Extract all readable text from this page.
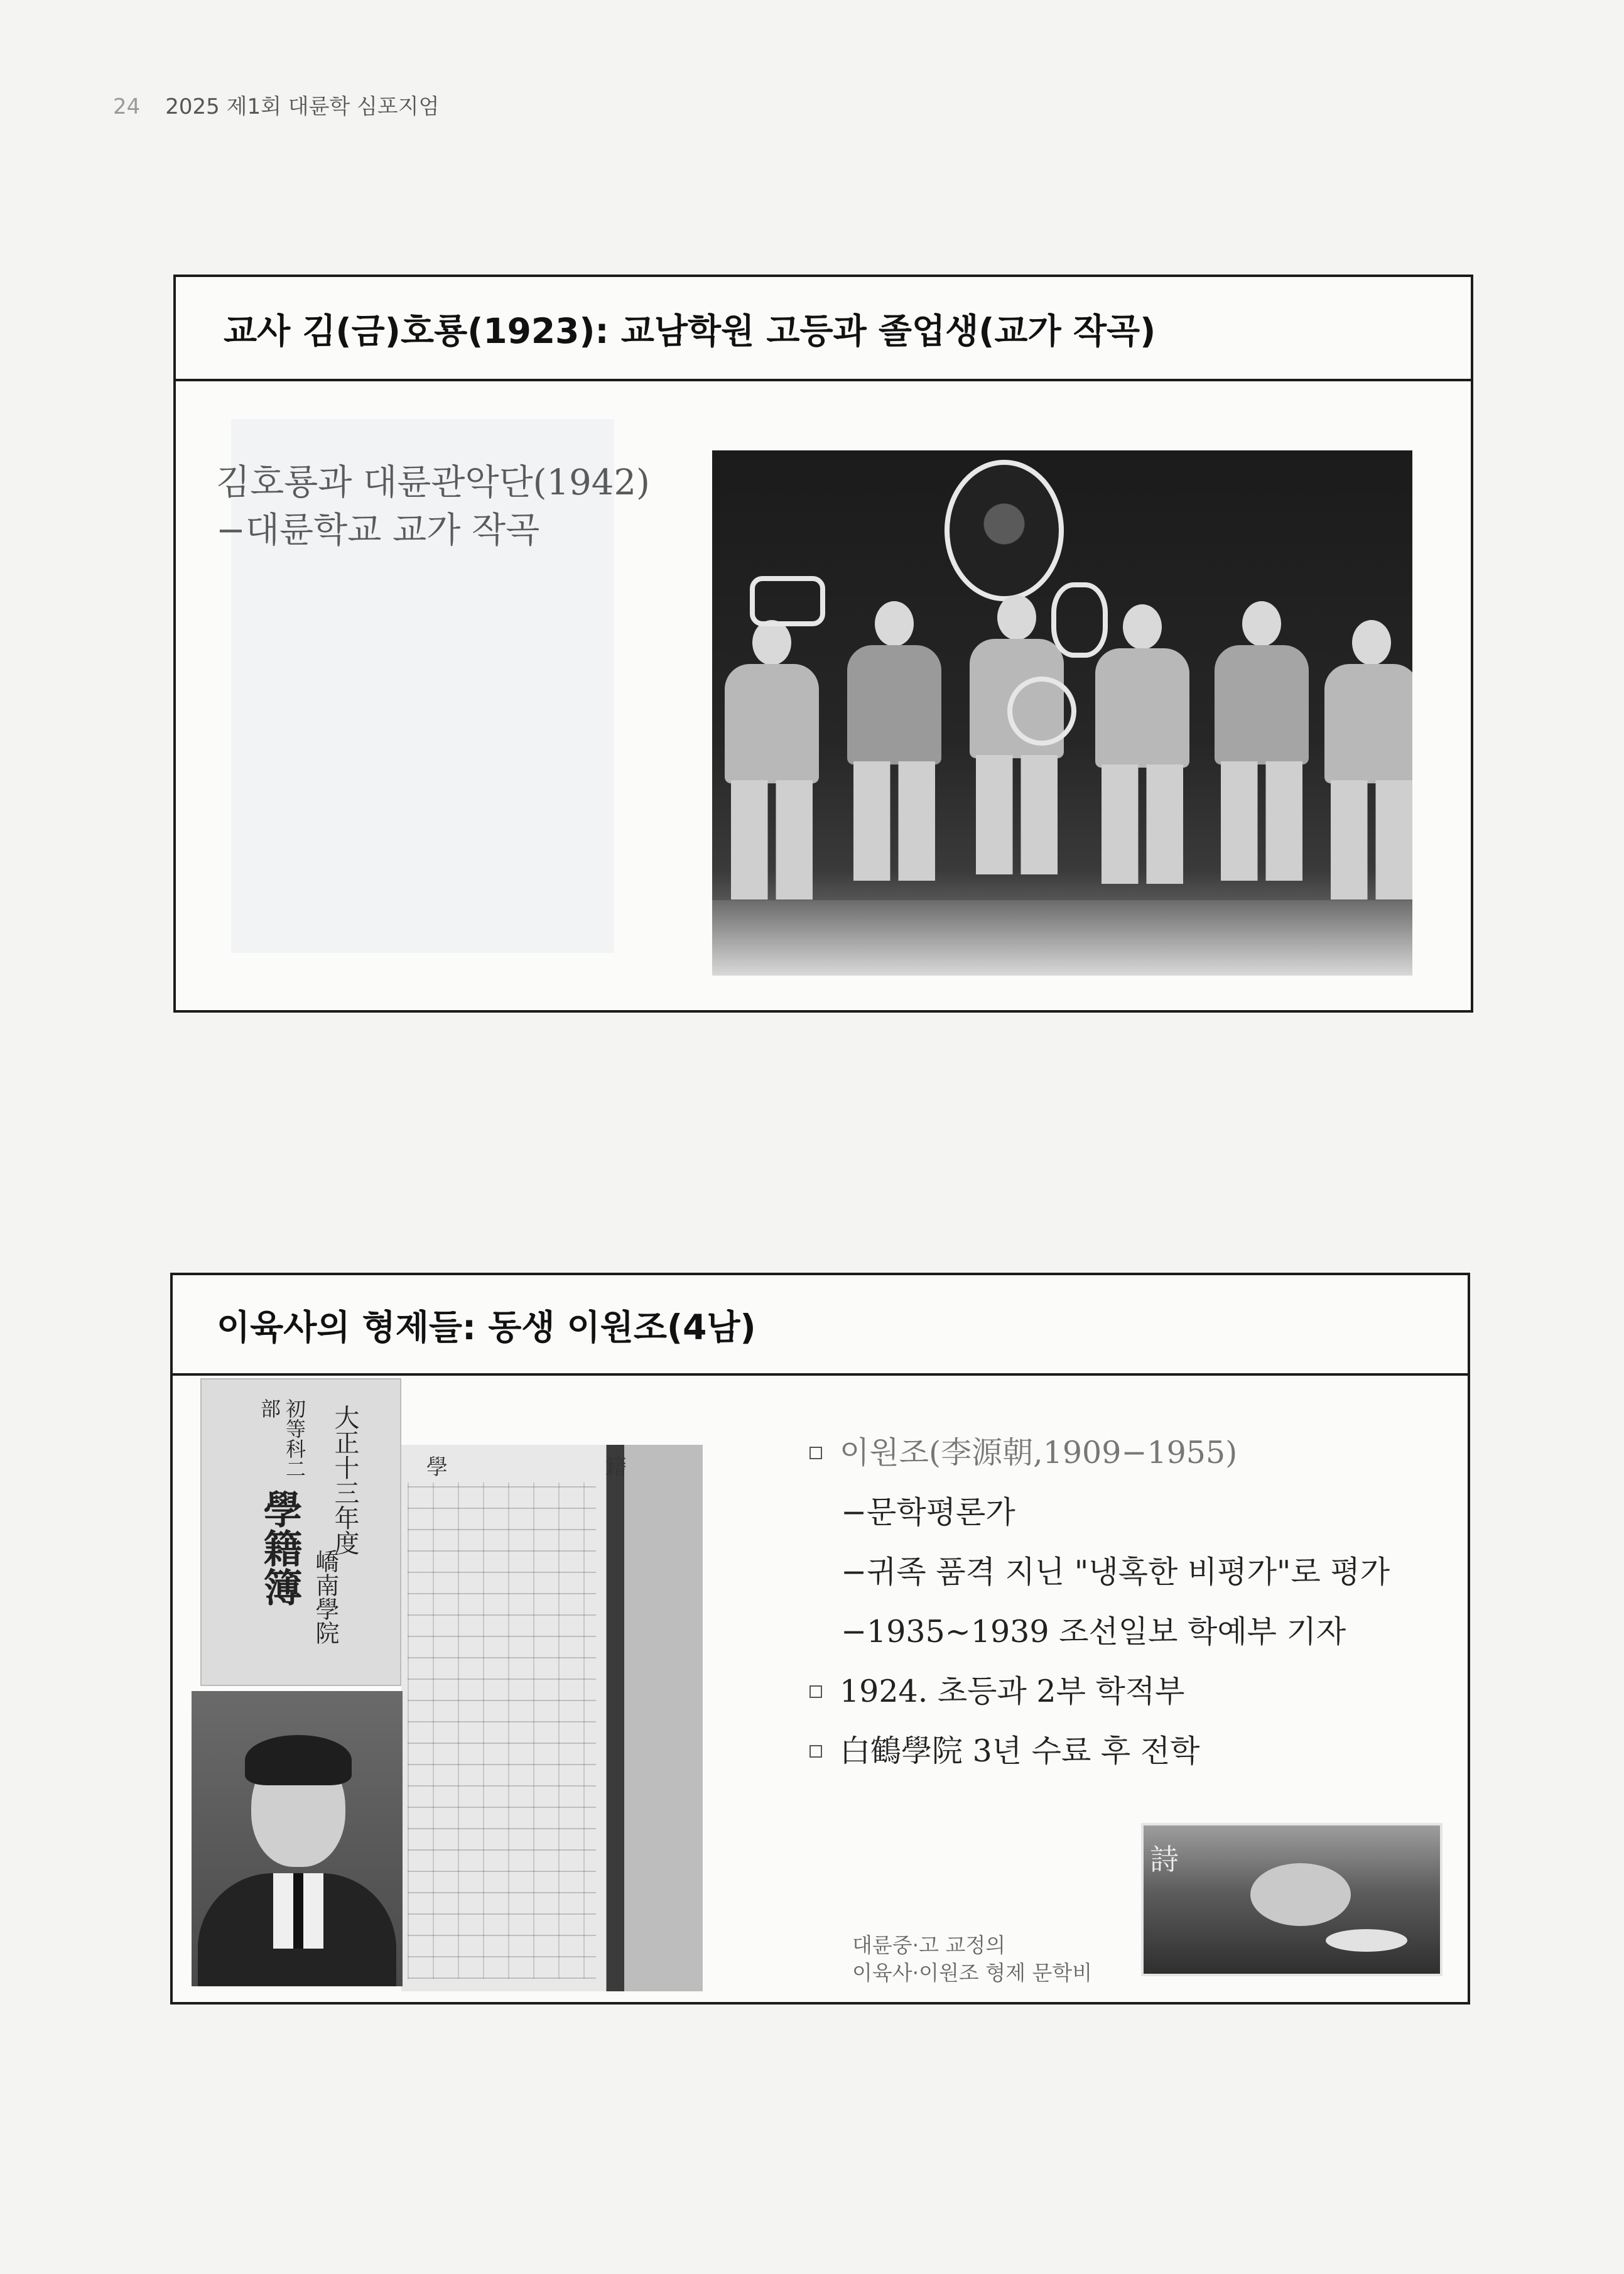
24 2025 제1회 대륜학 심포지엄
교사 김(금)호룡(1923): 교남학원 고등과 졸업생(교가 작곡)
김호룡과 대륜관악단(1942)
−대륜학교 교가 작곡
이육사의 형제들: 동생 이원조(4남)
大正十三年度
初等科二部
學籍簿 嶠南學院
學 籍	이원조(李源朝,1909−1955)
−문학평론가
−귀족 품격 지닌 "냉혹한 비평가"로 평가
−1935~1939 조선일보 학예부 기자
1924. 초등과 2부 학적부
白鶴學院 3년 수료 후 전학
詩
대륜중·고 교정의
이육사·이원조 형제 문학비
